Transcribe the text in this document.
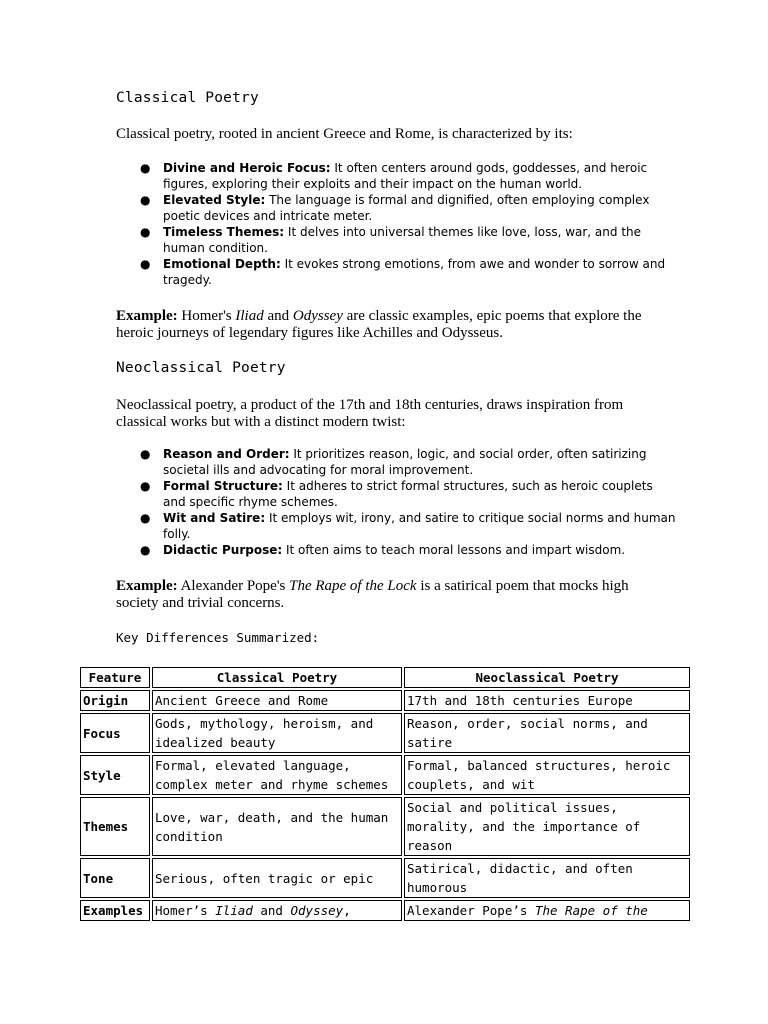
Classical Poetry
Classical poetry, rooted in ancient Greece and Rome, is characterized by its:
● Divine and Heroic Focus: It often centers around gods, goddesses, and heroic figures, exploring their exploits and their impact on the human world.
● Elevated Style: The language is formal and dignified, often employing complex poetic devices and intricate meter.
● Timeless Themes: It delves into universal themes like love, loss, war, and the human condition.
● Emotional Depth: It evokes strong emotions, from awe and wonder to sorrow and tragedy.
Example: Homer's Iliad and Odyssey are classic examples, epic poems that explore the heroic journeys of legendary figures like Achilles and Odysseus.
Neoclassical Poetry
Neoclassical poetry, a product of the 17th and 18th centuries, draws inspiration from classical works but with a distinct modern twist:
● Reason and Order: It prioritizes reason, logic, and social order, often satirizing societal ills and advocating for moral improvement.
● Formal Structure: It adheres to strict formal structures, such as heroic couplets and specific rhyme schemes.
● Wit and Satire: It employs wit, irony, and satire to critique social norms and human folly.
● Didactic Purpose: It often aims to teach moral lessons and impart wisdom.
Example: Alexander Pope's The Rape of the Lock is a satirical poem that mocks high society and trivial concerns.
Key Differences Summarized:
Feature	Classical Poetry	Neoclassical Poetry
Origin	Ancient Greece and Rome	17th and 18th centuries Europe
Focus	Gods, mythology, heroism, and idealized beauty	Reason, order, social norms, and satire
Style	Formal, elevated language, complex meter and rhyme schemes	Formal, balanced structures, heroic couplets, and wit
Themes	Love, war, death, and the human condition	Social and political issues, morality, and the importance of reason
Tone	Serious, often tragic or epic	Satirical, didactic, and often humorous
Examples	Homer’s Iliad and Odyssey,	Alexander Pope’s The Rape of the
